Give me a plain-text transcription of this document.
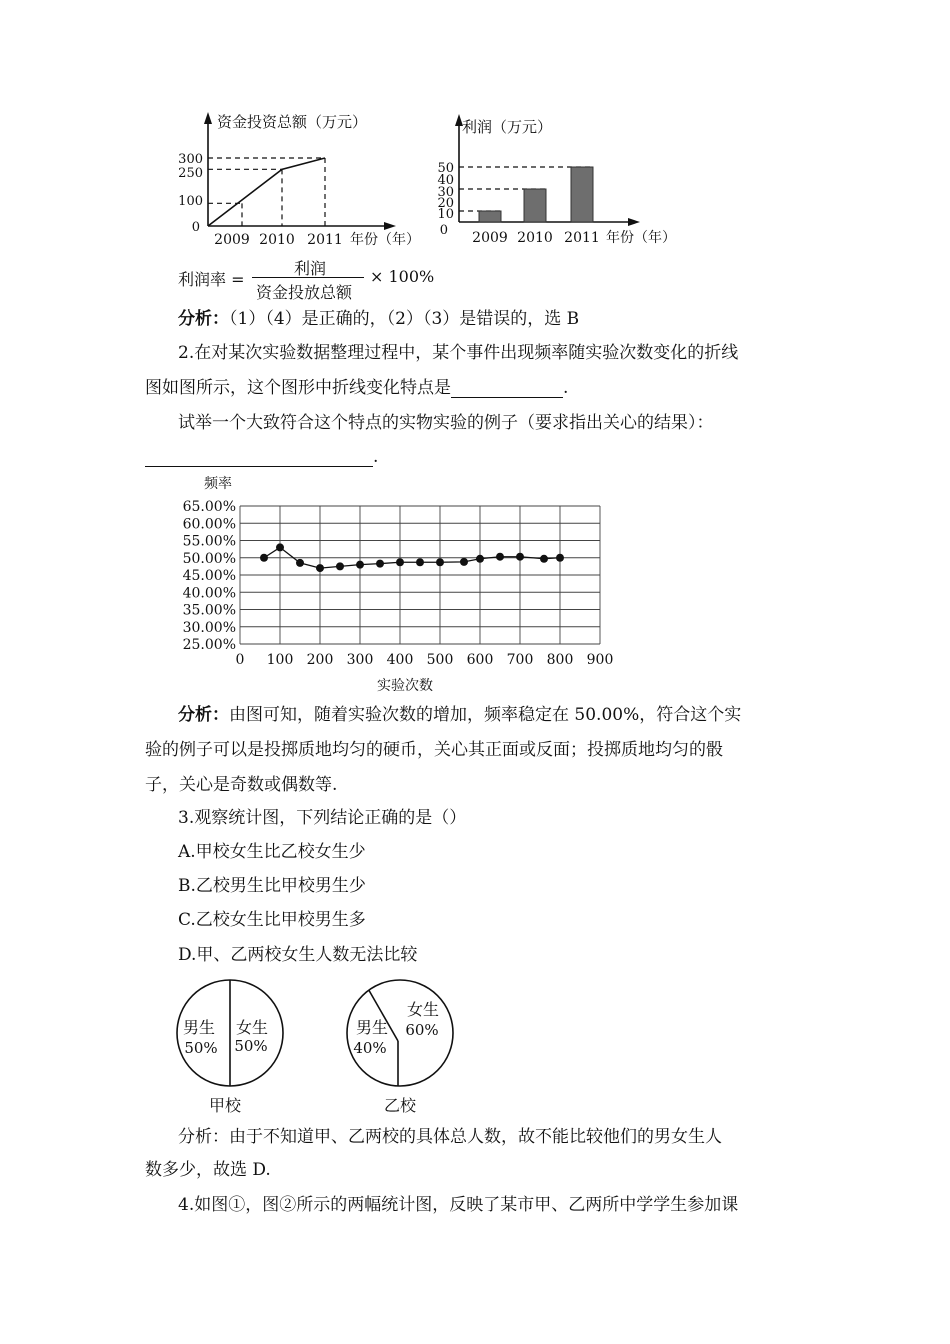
资金投资总额（万元）
300
250
100
0
2009 2010 2011 年份（年）
利润（万元）
50
40
30
20
10
0 2009 2010 2011 年份（年）
利润率 =
利润
资金投放总额
× 100%
分析：（1）（4）是正确的，（2）（3）是错误的，选 B
2.在对某次实验数据整理过程中，某个事件出现频率随实验次数变化的折线
图如图所示，这个图形中折线变化特点是	.
试举一个大致符合这个特点的实物实验的例子（要求指出关心的结果）：
.
频率
65.00%
60.00%
55.00%
50.00%
45.00%
40.00%
35.00%
30.00%
25.00%
0 100 200 300 400 500 600 700 800 900
实验次数
分析：由图可知，随着实验次数的增加，频率稳定在 50.00%，符合这个实
验的例子可以是投掷质地均匀的硬币，关心其正面或反面；投掷质地均匀的骰
子，关心是奇数或偶数等.
3.观察统计图，下列结论正确的是（）
A.甲校女生比乙校女生少
B.乙校男生比甲校男生少
C.乙校女生比甲校男生多
D.甲、乙两校女生人数无法比较
男生
50%
女生
50%
甲校
男生
40%
女生
60%
乙校
分析：由于不知道甲、乙两校的具体总人数，故不能比较他们的男女生人
数多少，故选 D.
4.如图①，图②所示的两幅统计图，反映了某市甲、乙两所中学学生参加课
